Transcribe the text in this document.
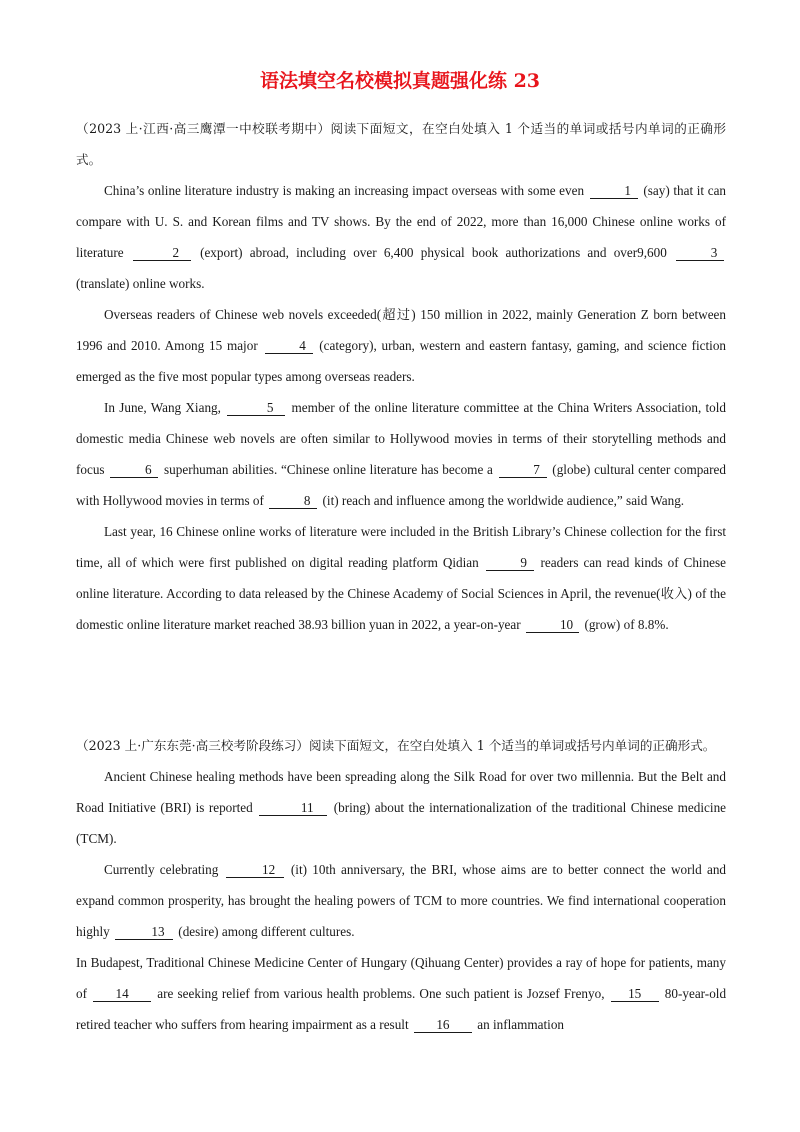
语法填空名校模拟真题强化练 23

（2023 上·江西·高三鹰潭一中校联考期中）阅读下面短文，在空白处填入 1 个适当的单词或括号内单词的正确形式。

China’s online literature industry is making an increasing impact overseas with some even	1 (say) that it can compare with U. S. and Korean films and TV shows. By the end of 2022, more than 16,000 Chinese online works of literature	2 (export) abroad, including over 6,400 physical book authorizations and over9,600	3 (translate) online works.

Overseas readers of Chinese web novels exceeded(超过) 150 million in 2022, mainly Generation Z born between 1996 and 2010. Among 15 major	4 (category), urban, western and eastern fantasy, gaming, and science fiction emerged as the five most popular types among overseas readers.

In June, Wang Xiang,	5 member of the online literature committee at the China Writers Association, told domestic media Chinese web novels are often similar to Hollywood movies in terms of their storytelling methods and focus	6 superhuman abilities. “Chinese online literature has become a	7 (globe) cultural center compared with Hollywood movies in terms of	8 (it) reach and influence among the worldwide audience,” said Wang.

Last year, 16 Chinese online works of literature were included in the British Library’s Chinese collection for the first time, all of which were first published on digital reading platform Qidian	9 readers can read kinds of Chinese online literature. According to data released by the Chinese Academy of Social Sciences in April, the revenue(收入) of the domestic online literature market reached 38.93 billion yuan in 2022, a year-on-year	10 (grow) of 8.8%.

（2023 上·广东东莞·高三校考阶段练习）阅读下面短文，在空白处填入 1 个适当的单词或括号内单词的正确形式。

Ancient Chinese healing methods have been spreading along the Silk Road for over two millennia. But the Belt and Road Initiative (BRI) is reported	11 (bring) about the internationalization of the traditional Chinese medicine (TCM).

Currently celebrating	12 (it) 10th anniversary, the BRI, whose aims are to better connect the world and expand common prosperity, has brought the healing powers of TCM to more countries. We find international cooperation highly	13 (desire) among different cultures.

In Budapest, Traditional Chinese Medicine Center of Hungary (Qihuang Center) provides a ray of hope for patients, many of 14 are seeking relief from various health problems. One such patient is Jozsef Frenyo, 15 80-year-old retired teacher who suffers from hearing impairment as a result 16 an inflammation
